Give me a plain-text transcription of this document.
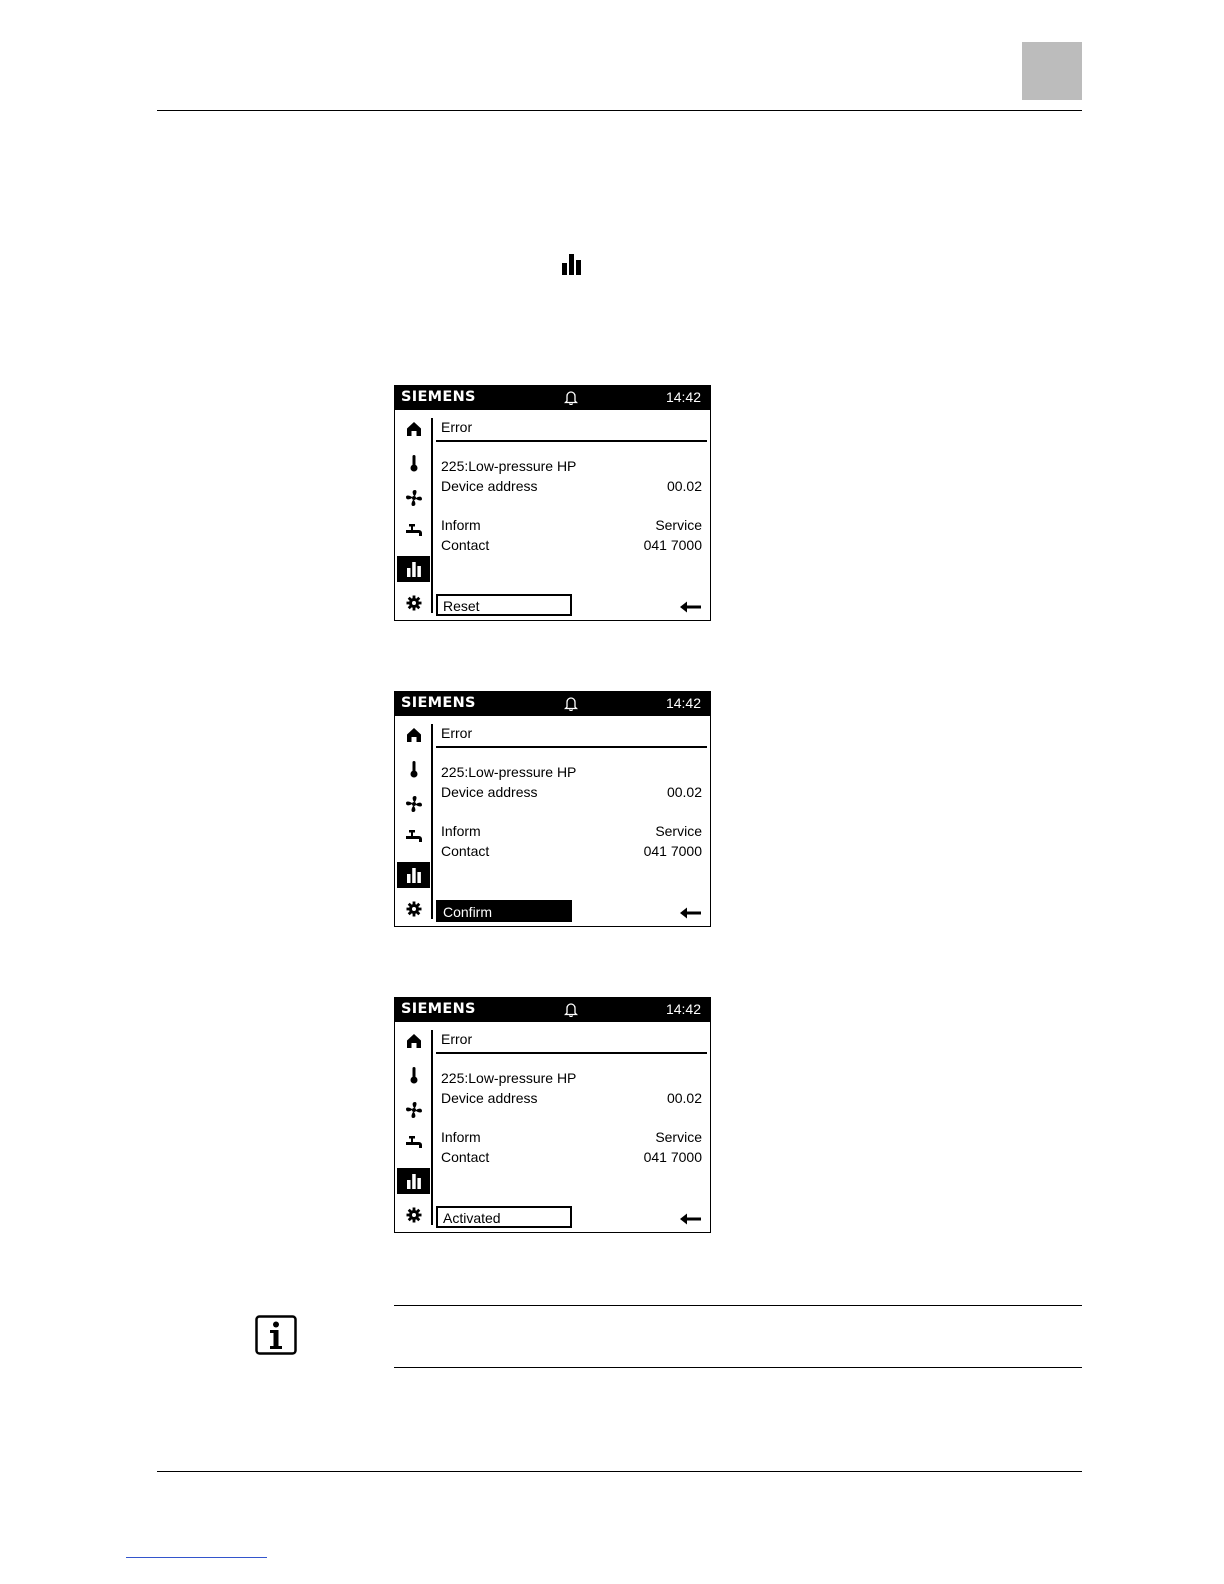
SIEMENS	14:42
Error
225:Low-pressure HP
Device address	00.02
Inform	Service
Contact	041 7000
Reset
SIEMENS	14:42
Error
225:Low-pressure HP
Device address	00.02
Inform	Service
Contact	041 7000
Confirm
SIEMENS	14:42
Error
225:Low-pressure HP
Device address	00.02
Inform	Service
Contact	041 7000
Activated
